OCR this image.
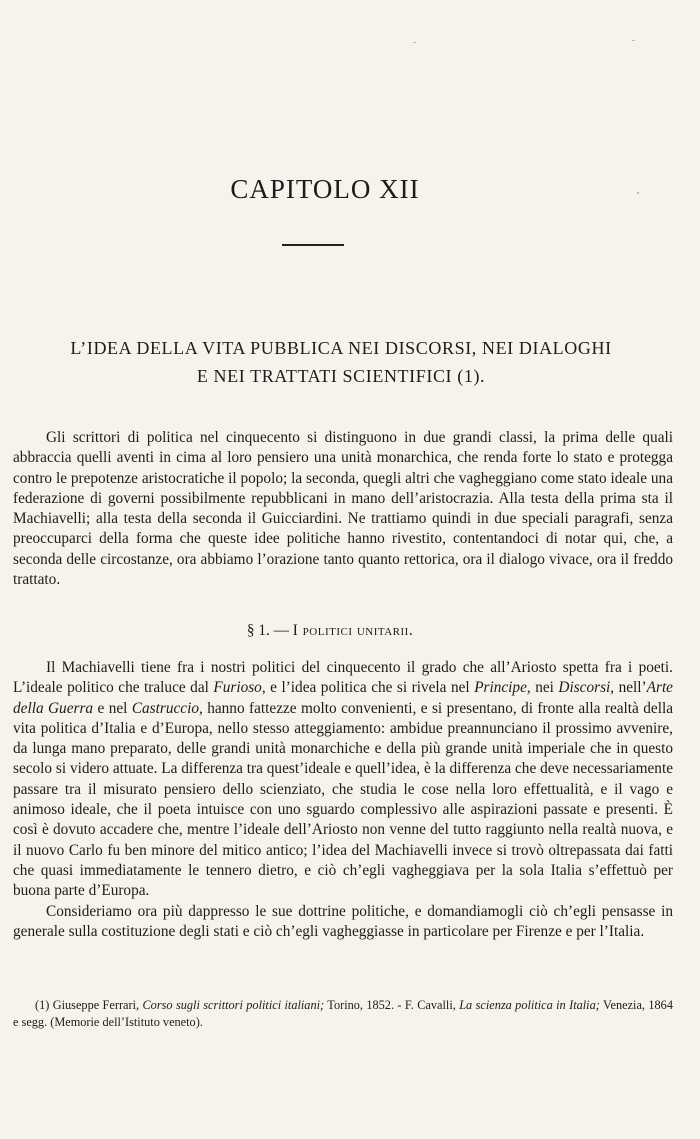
CAPITOLO XII
L’IDEA DELLA VITA PUBBLICA NEI DISCORSI, NEI DIALOGHI
E NEI TRATTATI SCIENTIFICI (1).

Gli scrittori di politica nel cinquecento si distinguono in due grandi classi, la prima delle quali abbraccia quelli aventi in cima al loro pensiero una unità monarchica, che renda forte lo stato e protegga contro le prepotenze aristocratiche il popolo; la seconda, quegli altri che vagheggiano come stato ideale una federazione di governi possibilmente repubblicani in mano dell’aristocrazia. Alla testa della prima sta il Machiavelli; alla testa della seconda il Guicciardini. Ne trattiamo quindi in due speciali paragrafi, senza preoccuparci della forma che queste idee politiche hanno rivestito, contentandoci di notar qui, che, a seconda delle circostanze, ora abbiamo l’orazione tanto quanto rettorica, ora il dialogo vivace, ora il freddo trattato.

§ 1. — I politici unitarii.

Il Machiavelli tiene fra i nostri politici del cinquecento il grado che all’Ariosto spetta fra i poeti. L’ideale politico che traluce dal Furioso, e l’idea politica che si rivela nel Principe, nei Discorsi, nell’Arte della Guerra e nel Castruccio, hanno fattezze molto convenienti, e si presentano, di fronte alla realtà della vita politica d’Italia e d’Europa, nello stesso atteggiamento: ambidue preannunciano il prossimo avvenire, da lunga mano preparato, delle grandi unità monarchiche e della più grande unità imperiale che in questo secolo si videro attuate. La differenza tra quest’ideale e quell’idea, è la differenza che deve necessariamente passare tra il misurato pensiero dello scienziato, che studia le cose nella loro effettualità, e il vago e animoso ideale, che il poeta intuisce con uno sguardo complessivo alle aspirazioni passate e presenti. È così è dovuto accadere che, mentre l’ideale dell’Ariosto non venne del tutto raggiunto nella realtà nuova, e il nuovo Carlo fu ben minore del mitico antico; l’idea del Machiavelli invece si trovò oltrepassata dai fatti che quasi immediatamente le tennero dietro, e ciò ch’egli vagheggiava per la sola Italia s’effettuò per buona parte d’Europa.

Consideriamo ora più dappresso le sue dottrine politiche, e domandiamogli ciò ch’egli pensasse in generale sulla costituzione degli stati e ciò ch’egli vagheggiasse in particolare per Firenze e per l’Italia.

(1) Giuseppe Ferrari, Corso sugli scrittori politici italiani; Torino, 1852. - F. Cavalli, La scienza politica in Italia; Venezia, 1864 e segg. (Memorie dell’Istituto veneto).
